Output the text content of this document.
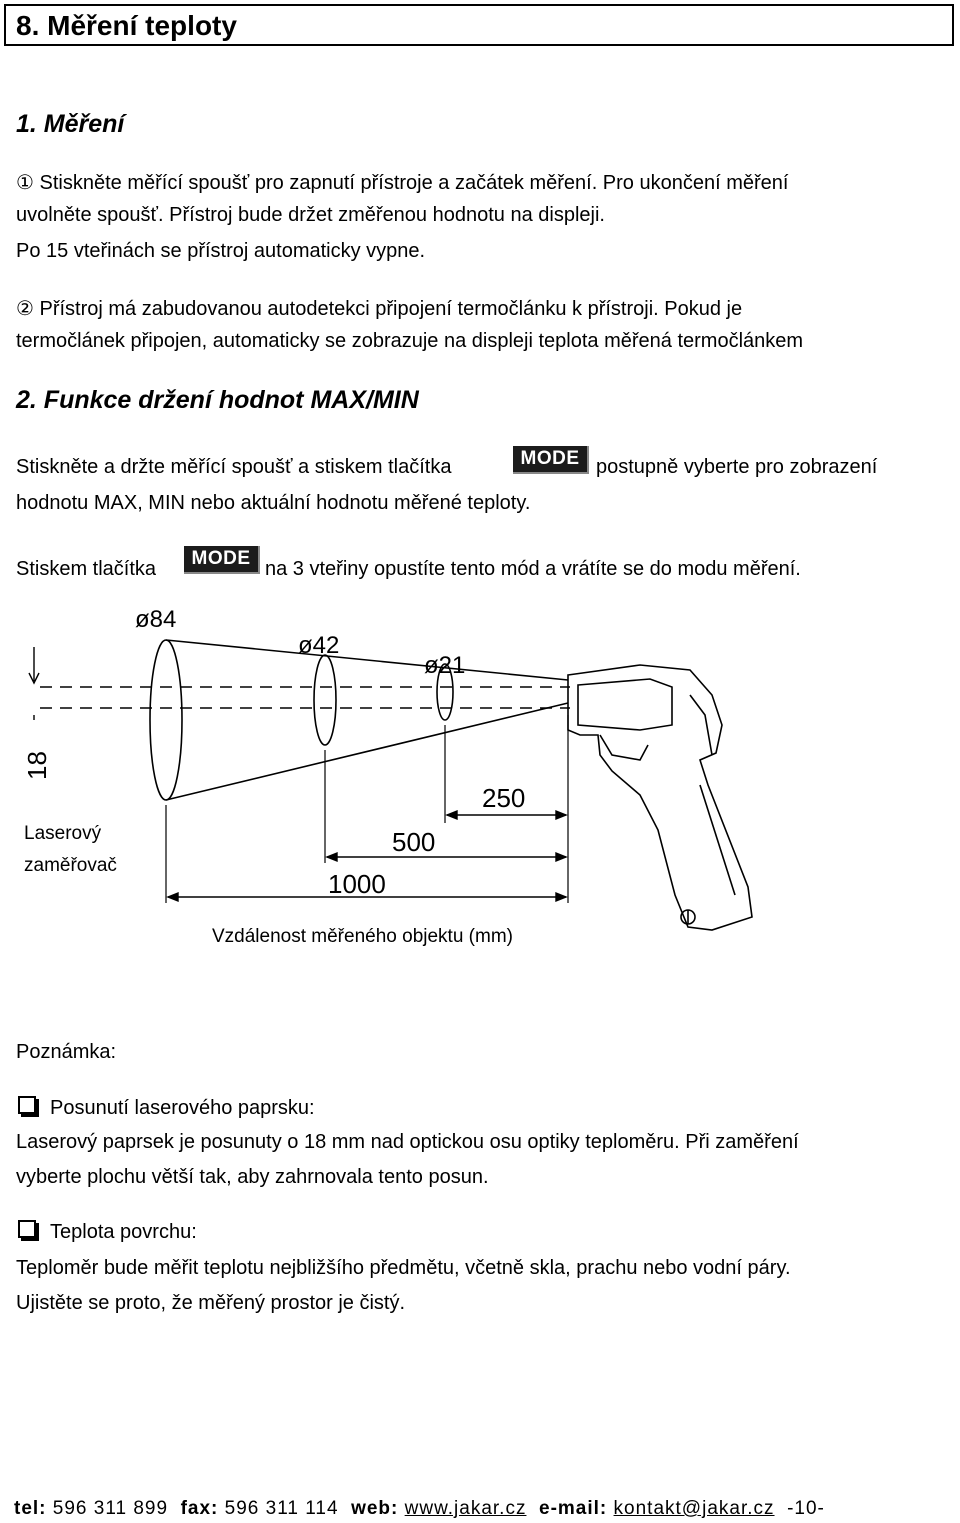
8. Měření teploty
1. Měření
① Stiskněte měřící spoušť pro zapnutí přístroje a začátek měření. Pro ukončení měření
uvolněte spoušť. Přístroj bude držet změřenou hodnotu na displeji.
Po 15 vteřinách se přístroj automaticky vypne.
② Přístroj má zabudovanou autodetekci připojení termočlánku k přístroji. Pokud je
termočlánek připojen, automaticky se zobrazuje na displeji teplota měřená termočlánkem
2. Funkce držení hodnot MAX/MIN
Stiskněte a držte měřící spoušť a stiskem tlačítka	MODE postupně vyberte pro zobrazení
hodnotu MAX, MIN nebo aktuální hodnotu měřené teploty.
Stiskem tlačítka	MODE na 3 vteřiny opustíte tento mód a vrátíte se do modu měření.
18
ø84
ø42
ø21
250
500
1000
Laserový
zaměřovač
Vzdálenost měřeného objektu (mm)
Poznámka:
Posunutí laserového paprsku:
Laserový paprsek je posunuty o 18 mm nad optickou osu optiky teploměru. Při zaměření
vyberte plochu větší tak, aby zahrnovala tento posun.
Teplota povrchu:
Teploměr bude měřit teplotu nejbližšího předmětu, včetně skla, prachu nebo vodní páry.
Ujistěte se proto, že měřený prostor je čistý.
tel: 596 311 899 fax: 596 311 114 web: www.jakar.cz e-mail: kontakt@jakar.cz -10-
